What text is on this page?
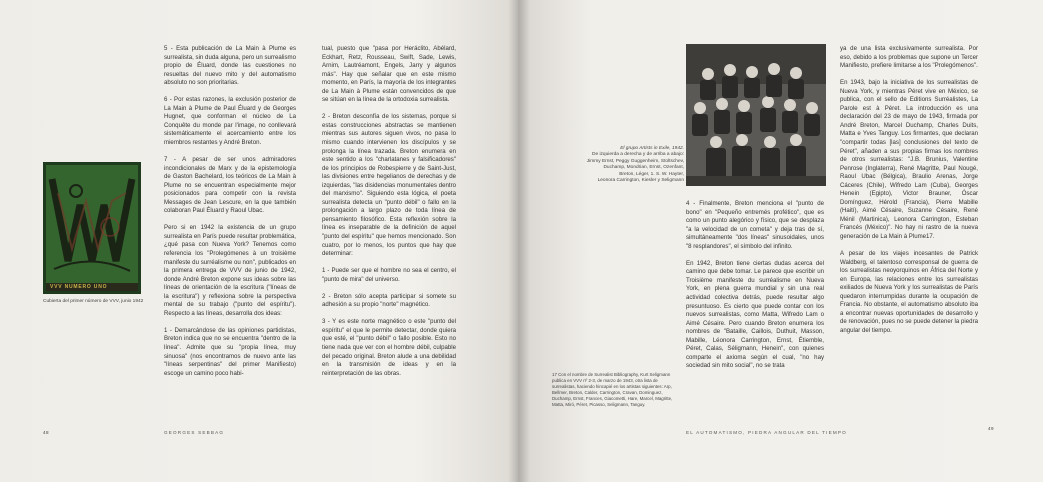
VVV NUMERO UNO
Cubierta del primer número de VVV, junio 1942

5 - Esta publicación de La Main à Plume es surrealista, sin duda alguna, pero un surrealismo propio de Éluard, donde las cuestiones no resueltas del nuevo mito y del automatismo absoluto no son prioritarias.

6 - Por estas razones, la exclusión posterior de La Main à Plume de Paul Éluard y de Georges Hugnet, que conforman el núcleo de La Conquête du monde par l'image, no conllevará sistemáticamente el acercamiento entre los miembros restantes y André Breton.

7 - A pesar de ser unos admiradores incondicionales de Marx y de la epistemología de Gaston Bachelard, los teóricos de La Main à Plume no se encuentran especialmente mejor posicionados para competir con la revista Messages de Jean Lescure, en la que también colaboran Paul Éluard y Raoul Ubac.

Pero si en 1942 la existencia de un grupo surrealista en París puede resultar problemática, ¿qué pasa con Nueva York? Tenemos como referencia los "Prolegómenes à un troisième manifeste du surréalisme ou non", publicados en la primera entrega de VVV de junio de 1942, donde André Breton expone sus ideas sobre las líneas de orientación de la escritura ("líneas de la escritura") y reflexiona sobre la perspectiva mental de su trabajo ("punto del espíritu"). Respecto a las líneas, desarrolla dos ideas:

1 - Demarcándose de las opiniones partidistas, Breton indica que no se encuentra "dentro de la línea". Admite que su "propia línea, muy sinuosa" (nos encontramos de nuevo ante las "líneas serpentinas" del primer Manifiesto) escoge un camino poco habi-

tual, puesto que "pasa por Heráclito, Abélard, Eckhart, Retz, Rousseau, Swift, Sade, Lewis, Arnim, Lautréamont, Engels, Jarry y algunos más". Hay que señalar que en este mismo momento, en París, la mayoría de los integrantes de La Main à Plume están convencidos de que se sitúan en la línea de la ortodoxia surrealista.

2 - Breton desconfía de los sistemas, porque si estas construcciones abstractas se mantienen mientras sus autores siguen vivos, no pasa lo mismo cuando intervienen los discípulos y se prolonga la línea trazada. Breton enumera en este sentido a los "charlatanes y falsificadores" de los principios de Robespierre y de Saint-Just, las divisiones entre hegelianos de derechas y de izquierdas, "las disidencias monumentales dentro del marxismo". Siguiendo esta lógica, el poeta surrealista detecta un "punto débil" o fallo en la prolongación a largo plazo de toda línea de pensamiento filosófico. Esta reflexión sobre la línea es inseparable de la definición de aquel "punto del espíritu" que hemos mencionado. Son cuatro, por lo menos, los puntos que hay que determinar:

1 - Puede ser que el hombre no sea el centro, el "punto de mira" del universo.

2 - Breton sólo acepta participar si somete su adhesión a su propio "norte" magnético.

3 - Y es este norte magnético o este "punto del espíritu" el que le permite detectar, donde quiera que esté, el "punto débil" o fallo posible. Esto no tiene nada que ver con el hombre débil, culpable del pecado original. Breton alude a una debilidad en la transmisión de ideas y en la reinterpretación de las obras.

48	GEORGES SEBBAG
El grupo Artists in Exile, 1942.
De izquierda a derecha y de arriba a abajo:
Jimmy Ernst, Peggy Guggenheim, Stoltschev,
Duchamp, Mondrian, Ernst, Ozenfant,
Breton, Léger, 1. S. W. Hayter,
Leonora Carrington, Kiesler y Seligmann
17 Con el nombre de Surrealist Bibliography, Kurt Seligmann publica en VVV nº 2-3, de marzo de 1943, otra lista de surrealistas, haciendo hincapié en los artistas siguientes: Arp, Bellmer, Breton, Calder, Carrington, Cravan, Dominguez, Duchamp, Ernst, Frances, Giacometti, Hare, Marcel, Magritte, Matta, Miró, Péret, Picasso, Seligmann, Tanguy.

4 - Finalmente, Breton menciona el "punto de bono" en "Pequeño entremés profético", que es como un punto alegórico y físico, que se desplaza "a la velocidad de un cometa" y deja tras de sí, simultáneamente "dos líneas" sinusoidales, unos "8 resplandores", el símbolo del infinito.

En 1942, Breton tiene ciertas dudas acerca del camino que debe tomar. Le parece que escribir un Troisième manifeste du surréalisme en Nueva York, en plena guerra mundial y sin una real actividad colectiva detrás, puede resultar algo presuntuoso. Es cierto que puede contar con los nuevos surrealistas, como Matta, Wifredo Lam o Aimé Césaire. Pero cuando Breton enumera los nombres de "Bataille, Caillois, Duthuit, Masson, Mabille, Léonora Carrington, Ernst, Étiemble, Péret, Calas, Séligmann, Henein", con quienes comparte el axioma según el cual, "no hay sociedad sin mito social", no se trata

ya de una lista exclusivamente surrealista. Por eso, debido a los problemas que supone un Tercer Manifiesto, prefiere limitarse a los "Prolegómenos".

En 1943, bajo la iniciativa de los surrealistas de Nueva York, y mientras Péret vive en México, se publica, con el sello de Editions Surréalistes, La Parole est à Péret. La introducción es una declaración del 23 de mayo de 1943, firmada por André Breton, Marcel Duchamp, Charles Duits, Matta e Yves Tanguy. Los firmantes, que declaran "compartir todas [las] conclusiones del texto de Péret", añaden a sus propias firmas los nombres de otros surrealistas: "J.B. Brunius, Valentine Penrose (Inglaterra), René Magritte, Paul Nougé, Raoul Ubac (Bélgica), Braulio Arenas, Jorge Cáceres (Chile), Wifredo Lam (Cuba), Georges Henein (Egipto), Victor Brauner, Óscar Domínguez, Hérold (Francia), Pierre Mabille (Haití), Aimé Césaire, Suzanne Césaire, René Ménil (Martinica), Leonora Carrington, Esteban Francés (México)". No hay ni rastro de la nueva generación de La Main à Plume17.

A pesar de los viajes incesantes de Patrick Waldberg, el talentoso corresponsal de guerra de los surrealistas neoyorquinos en África del Norte y en Europa, las relaciones entre los surrealistas exiliados de Nueva York y los surrealistas de París quedaron interrumpidas durante la ocupación de Francia. No obstante, el automatismo absoluto iba a encontrar nuevas oportunidades de desarrollo y de renovación, pues no se puede detener la piedra angular del tiempo.

EL AUTOMATISMO, PIEDRA ANGULAR DEL TIEMPO
49
